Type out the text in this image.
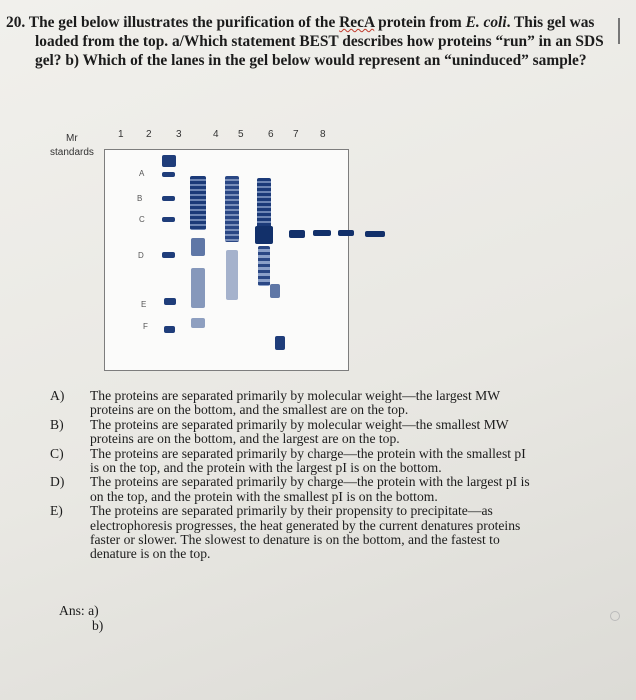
20. The gel below illustrates the purification of the RecA protein from E. coli. This gel was
loaded from the top. a/Which statement BEST describes how proteins “run” in an SDS
gel? b) Which of the lanes in the gel below would represent an “uninduced” sample?
Mr
standards
1 2 3	4 5 6 7 8
A
B
C
D
E
F
A)	The proteins are separated primarily by molecular weight—the largest MW
proteins are on the bottom, and the smallest are on the top.
B)	The proteins are separated primarily by molecular weight—the smallest MW
proteins are on the bottom, and the largest are on the top.
C)	The proteins are separated primarily by charge—the protein with the smallest pI
is on the top, and the protein with the largest pI is on the bottom.
D)	The proteins are separated primarily by charge—the protein with the largest pI is
on the top, and the protein with the smallest pI is on the bottom.
E)	The proteins are separated primarily by their propensity to precipitate—as
electrophoresis progresses, the heat generated by the current denatures proteins
faster or slower. The slowest to denature is on the bottom, and the fastest to
denature is on the top.
Ans: a)
b)
